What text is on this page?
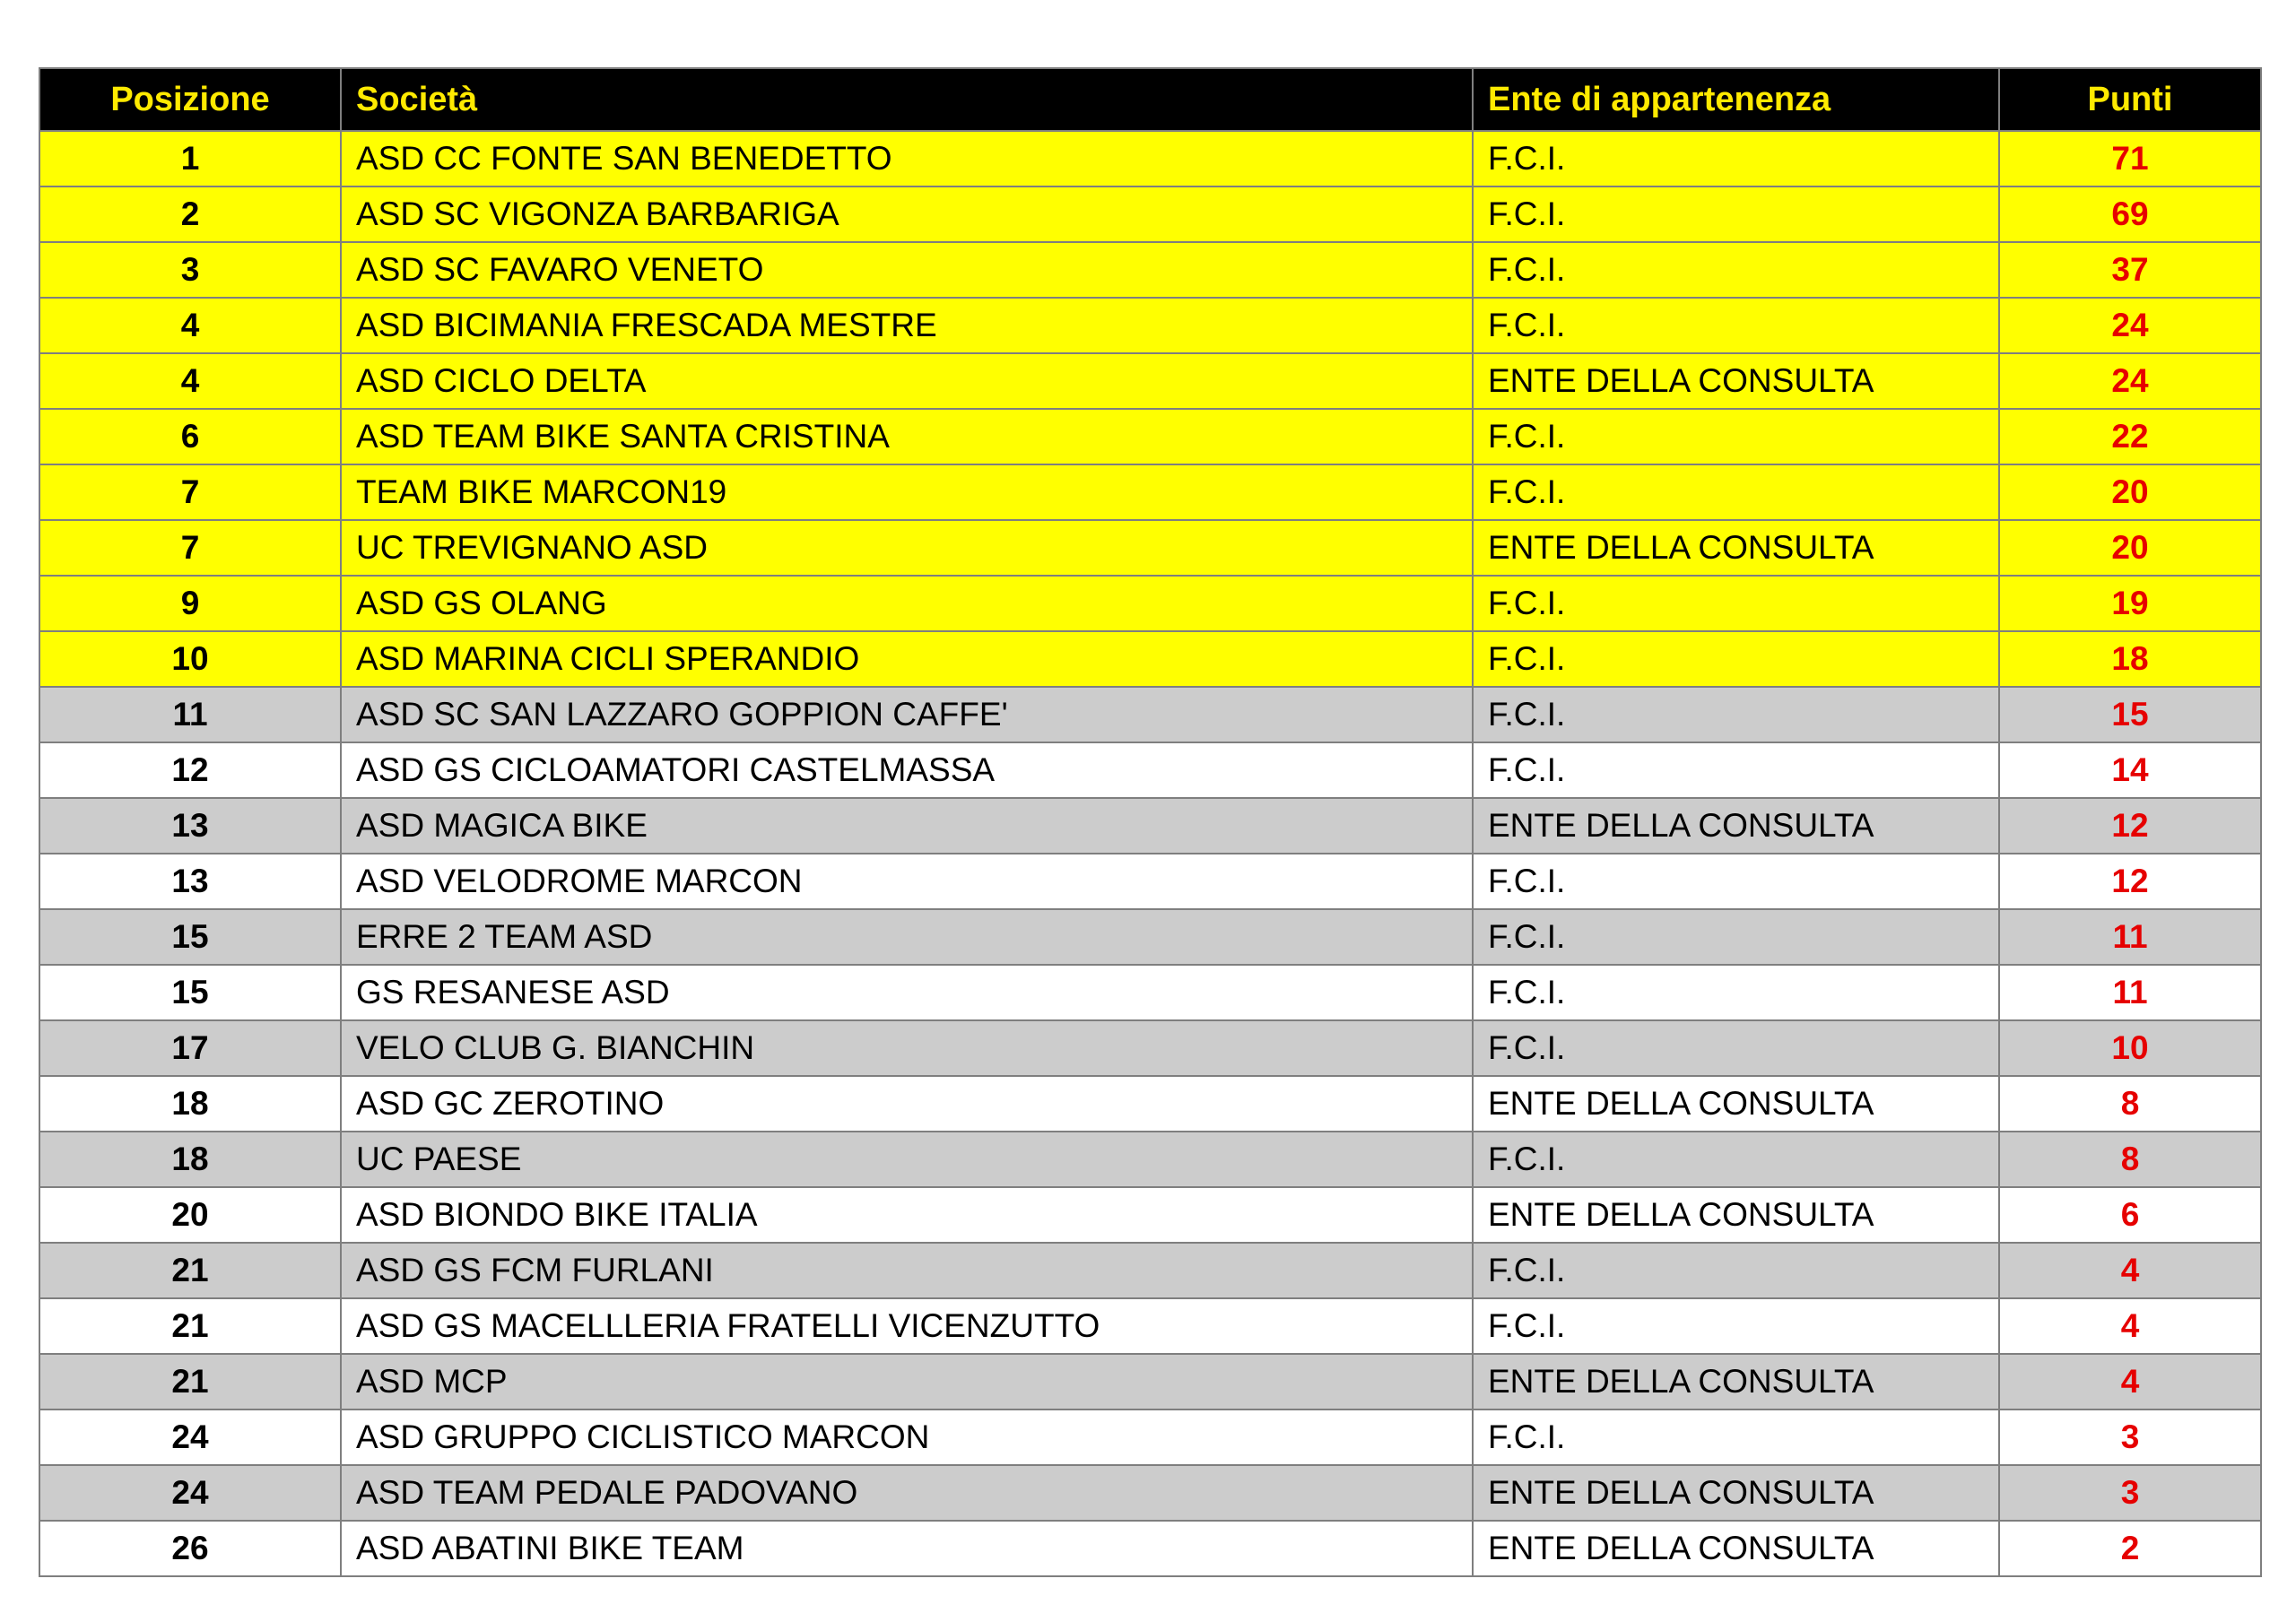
Posizione	Società	Ente di appartenenza	Punti
1	ASD CC FONTE SAN BENEDETTO	F.C.I.	71
2	ASD SC VIGONZA BARBARIGA	F.C.I.	69
3	ASD SC FAVARO VENETO	F.C.I.	37
4	ASD BICIMANIA FRESCADA MESTRE	F.C.I.	24
4	ASD CICLO DELTA	ENTE DELLA CONSULTA	24
6	ASD TEAM BIKE SANTA CRISTINA	F.C.I.	22
7	TEAM BIKE MARCON19	F.C.I.	20
7	UC TREVIGNANO ASD	ENTE DELLA CONSULTA	20
9	ASD GS OLANG	F.C.I.	19
10	ASD MARINA CICLI SPERANDIO	F.C.I.	18
11	ASD SC SAN LAZZARO GOPPION CAFFE'	F.C.I.	15
12	ASD GS CICLOAMATORI CASTELMASSA	F.C.I.	14
13	ASD MAGICA BIKE	ENTE DELLA CONSULTA	12
13	ASD VELODROME MARCON	F.C.I.	12
15	ERRE 2 TEAM ASD	F.C.I.	11
15	GS RESANESE ASD	F.C.I.	11
17	VELO CLUB G. BIANCHIN	F.C.I.	10
18	ASD GC ZEROTINO	ENTE DELLA CONSULTA	8
18	UC PAESE	F.C.I.	8
20	ASD BIONDO BIKE ITALIA	ENTE DELLA CONSULTA	6
21	ASD GS FCM FURLANI	F.C.I.	4
21	ASD GS MACELLLERIA FRATELLI VICENZUTTO	F.C.I.	4
21	ASD MCP	ENTE DELLA CONSULTA	4
24	ASD GRUPPO CICLISTICO MARCON	F.C.I.	3
24	ASD TEAM PEDALE PADOVANO	ENTE DELLA CONSULTA	3
26	ASD ABATINI BIKE TEAM	ENTE DELLA CONSULTA	2
